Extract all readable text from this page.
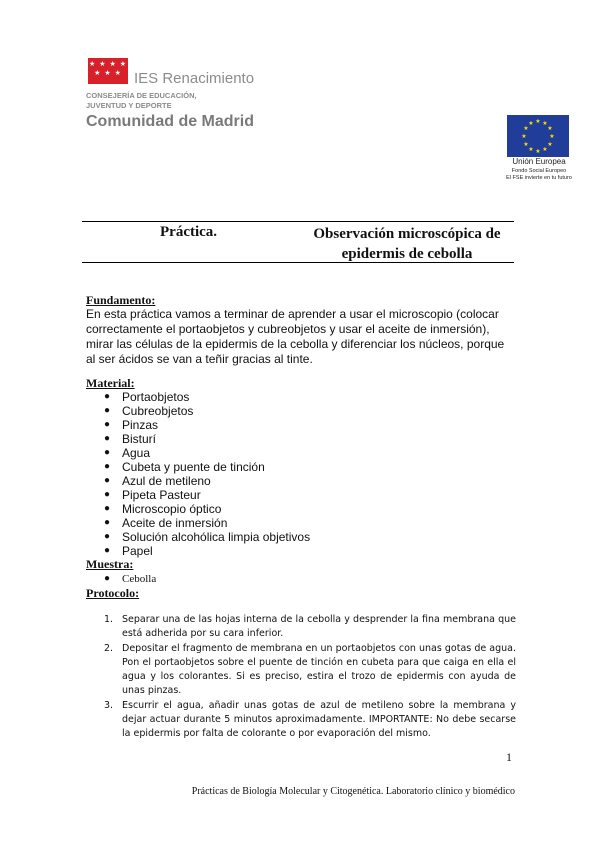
★ ★ ★ ★
★ ★ ★ IES Renacimiento
CONSEJERÍA DE EDUCACIÓN,
JUVENTUD Y DEPORTE
Comunidad de Madrid	★ ★
★
★
★
★
★
★
★
★
★
★
Unión Europea
Fondo Social Europeo
El FSE invierte en tu futuro
Práctica.	Observación microscópica de
epidermis de cebolla
Fundamento:
En esta práctica vamos a terminar de aprender a usar el microscopio (colocar correctamente el portaobjetos y cubreobjetos y usar el aceite de inmersión), mirar las células de la epidermis de la cebolla y diferenciar los núcleos, porque al ser ácidos se van a teñir gracias al tinte.
Material:
● Portaobjetos
● Cubreobjetos
● Pinzas
● Bisturí
● Agua
● Cubeta y puente de tinción
● Azul de metileno
● Pipeta Pasteur
● Microscopio óptico
● Aceite de inmersión
● Solución alcohólica limpia objetivos
● Papel
Muestra:
● Cebolla
Protocolo:
1. Separar una de las hojas interna de la cebolla y desprender la fina membrana que está adherida por su cara inferior.
2. Depositar el fragmento de membrana en un portaobjetos con unas gotas de agua. Pon el portaobjetos sobre el puente de tinción en cubeta para que caiga en ella el agua y los colorantes. Si es preciso, estira el trozo de epidermis con ayuda de unas pinzas.
3. Escurrir el agua, añadir unas gotas de azul de metileno sobre la membrana y dejar actuar durante 5 minutos aproximadamente. IMPORTANTE: No debe secarse la epidermis por falta de colorante o por evaporación del mismo.
1
Prácticas de Biología Molecular y Citogenética. Laboratorio clínico y biomédico
